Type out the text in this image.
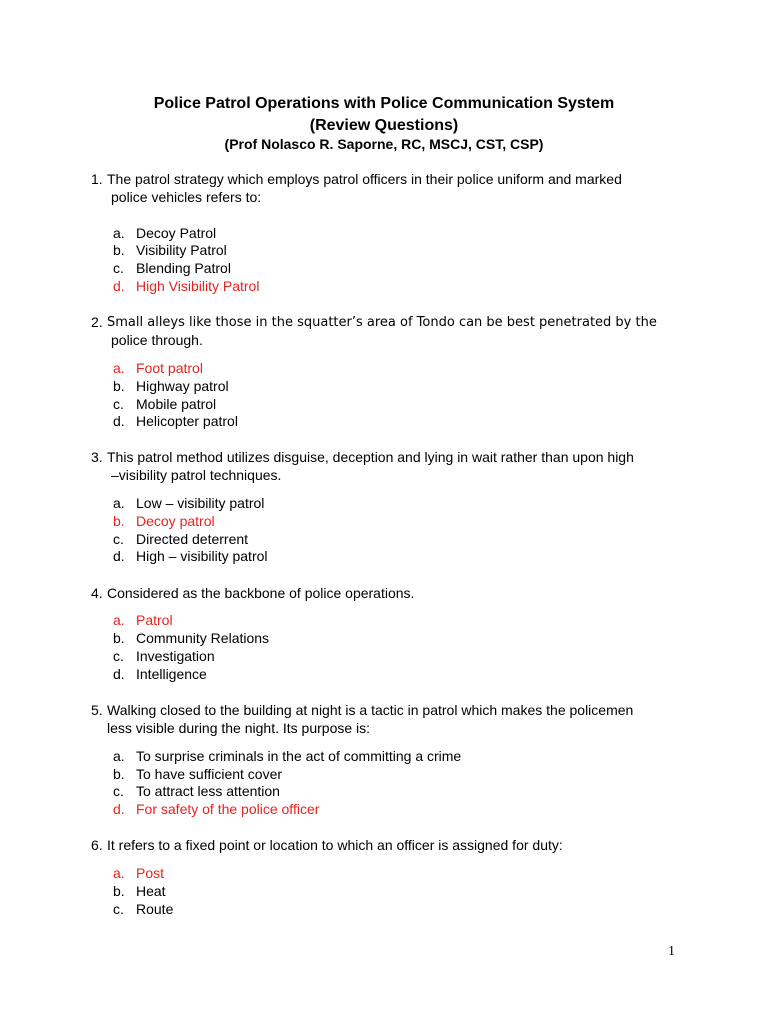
Police Patrol Operations with Police Communication System
(Review Questions)
(Prof Nolasco R. Saporne, RC, MSCJ, CST, CSP)
1. The patrol strategy which employs patrol officers in their police uniform and marked
police vehicles refers to:
a. Decoy Patrol
b. Visibility Patrol
c. Blending Patrol
d. High Visibility Patrol
2. Small alleys like those in the squatter’s area of Tondo can be best penetrated by the
police through.
a. Foot patrol
b. Highway patrol
c. Mobile patrol
d. Helicopter patrol
3. This patrol method utilizes disguise, deception and lying in wait rather than upon high
–visibility patrol techniques.
a. Low – visibility patrol
b. Decoy patrol
c. Directed deterrent
d. High – visibility patrol
4. Considered as the backbone of police operations.
a. Patrol
b. Community Relations
c. Investigation
d. Intelligence
5. Walking closed to the building at night is a tactic in patrol which makes the policemen
less visible during the night. Its purpose is:
a. To surprise criminals in the act of committing a crime
b. To have sufficient cover
c. To attract less attention
d. For safety of the police officer
6. It refers to a fixed point or location to which an officer is assigned for duty:
a. Post
b. Heat
c. Route
1
